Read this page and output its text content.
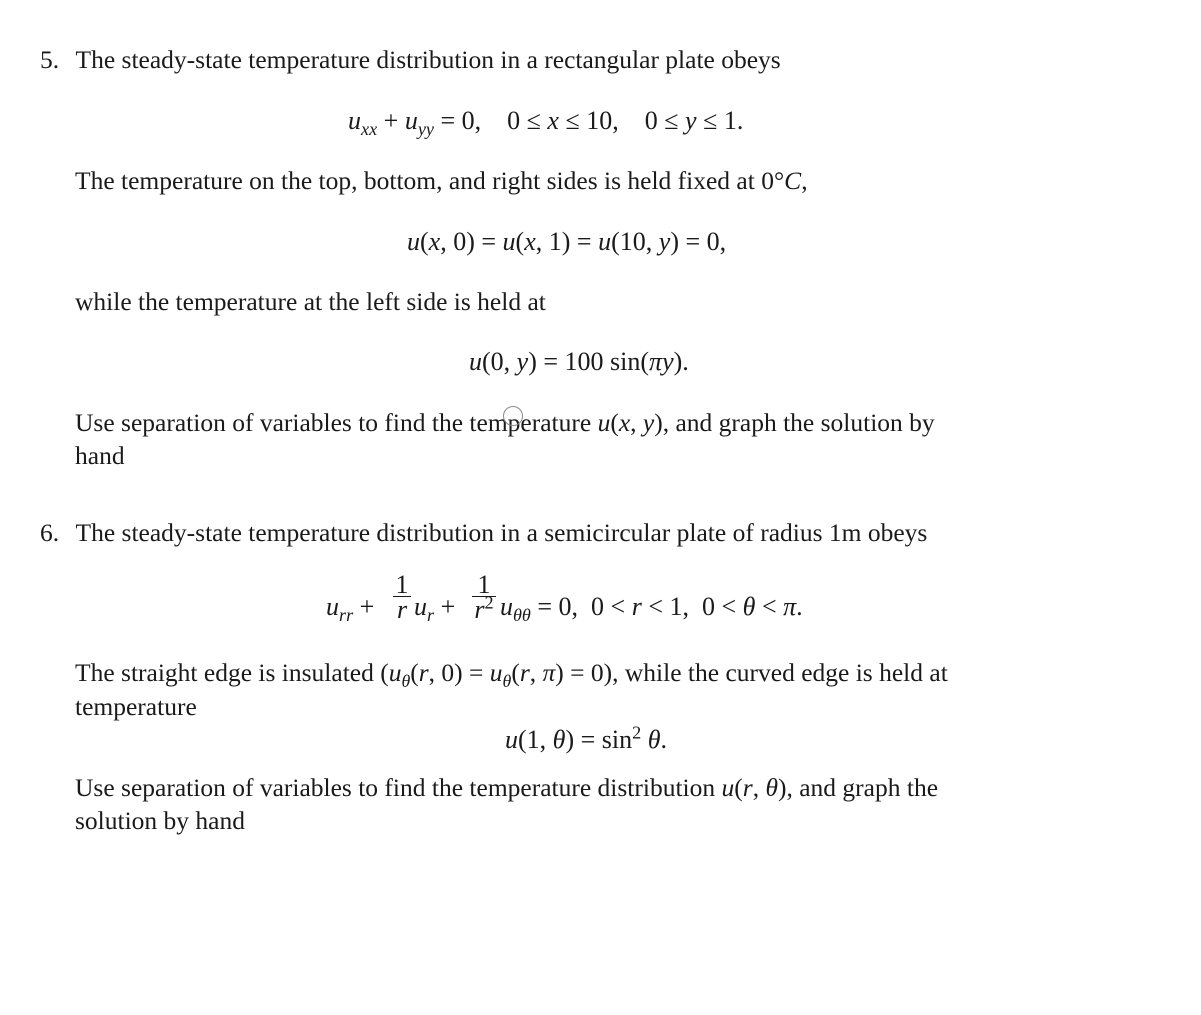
5. The steady-state temperature distribution in a rectangular plate obeys
$u_{xx} + u_{yy} = 0$,    0 ≤ x ≤ 10,    0 ≤ y ≤ 1.
The temperature on the top, bottom, and right sides is held fixed at 0°C,
u(x, 0) = u(x, 1) = u(10, y) = 0,
while the temperature at the left side is held at
u(0, y) = 100 sin(πy).
Use separation of variables to find the temperature u(x, y), and graph the solution by
hand
6. The steady-state temperature distribution in a semicircular plate of radius 1m obeys
$u_{rr}$ +
1
r $u_r$ +
1
$r^2$ $u_{\theta\theta} = 0$,  0 < r < 1,  0 < θ < π.
The straight edge is insulated ($u_\theta(r$, $0) = u_\theta(r$, π) = 0), while the curved edge is held at
temperature
u(1, $\theta) = \sin^2 \theta$.
Use separation of variables to find the temperature distribution u(r, θ), and graph the
solution by hand
